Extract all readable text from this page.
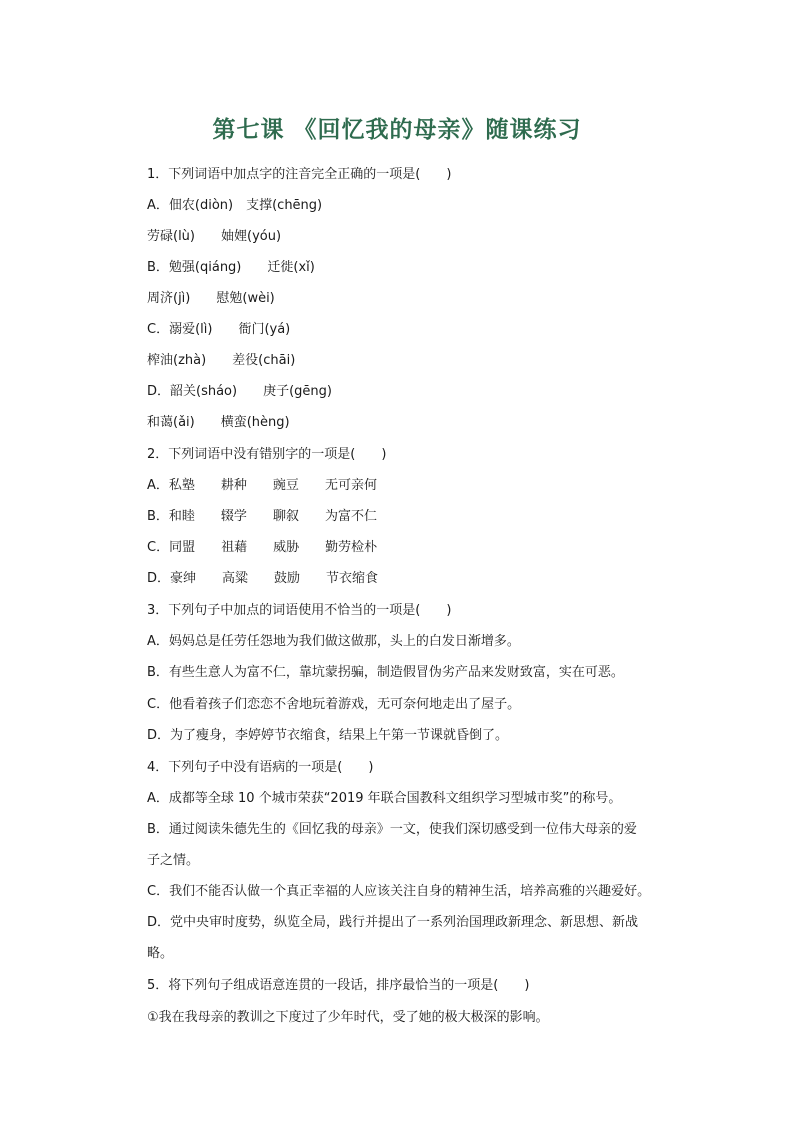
第七课 《回忆我的母亲》随课练习
1．下列词语中加点字的注音完全正确的一项是(　　)
A．佃农(diòn)　支撑(chēng)
劳碌(lù)　　妯娌(yóu)
B．勉强(qiáng)　　迁徙(xǐ)
周济(jì)　　慰勉(wèi)
C．溺爱(lì)　　衙门(yá)
榨油(zhà)　　差役(chāi)
D．韶关(sháo)　　庚子(gēng)
和蔼(ǎi)　　横蛮(hèng)
2．下列词语中没有错别字的一项是(　　)
A．私塾 耕种 豌豆 无可亲何
B．和睦 辍学 聊叙 为富不仁
C．同盟 祖藉 威胁 勤劳检朴
D．豪绅 高粱 鼓励 节衣缩食
3．下列句子中加点的词语使用不恰当的一项是(　　)
A．妈妈总是任劳任怨地为我们做这做那，头上的白发日渐增多。
B．有些生意人为富不仁，靠坑蒙拐骗，制造假冒伪劣产品来发财致富，实在可恶。
C．他看着孩子们恋恋不舍地玩着游戏，无可奈何地走出了屋子。
D．为了瘦身，李婷婷节衣缩食，结果上午第一节课就昏倒了。
4．下列句子中没有语病的一项是(　　)
A．成都等全球 10 个城市荣获“2019 年联合国教科文组织学习型城市奖”的称号。
B．通过阅读朱德先生的《回忆我的母亲》一文，使我们深切感受到一位伟大母亲的爱
子之情。
C．我们不能否认做一个真正幸福的人应该关注自身的精神生活，培养高雅的兴趣爱好。
D．党中央审时度势，纵览全局，践行并提出了一系列治国理政新理念、新思想、新战
略。
5．将下列句子组成语意连贯的一段话，排序最恰当的一项是(　　)
①我在我母亲的教训之下度过了少年时代，受了她的极大极深的影响。
